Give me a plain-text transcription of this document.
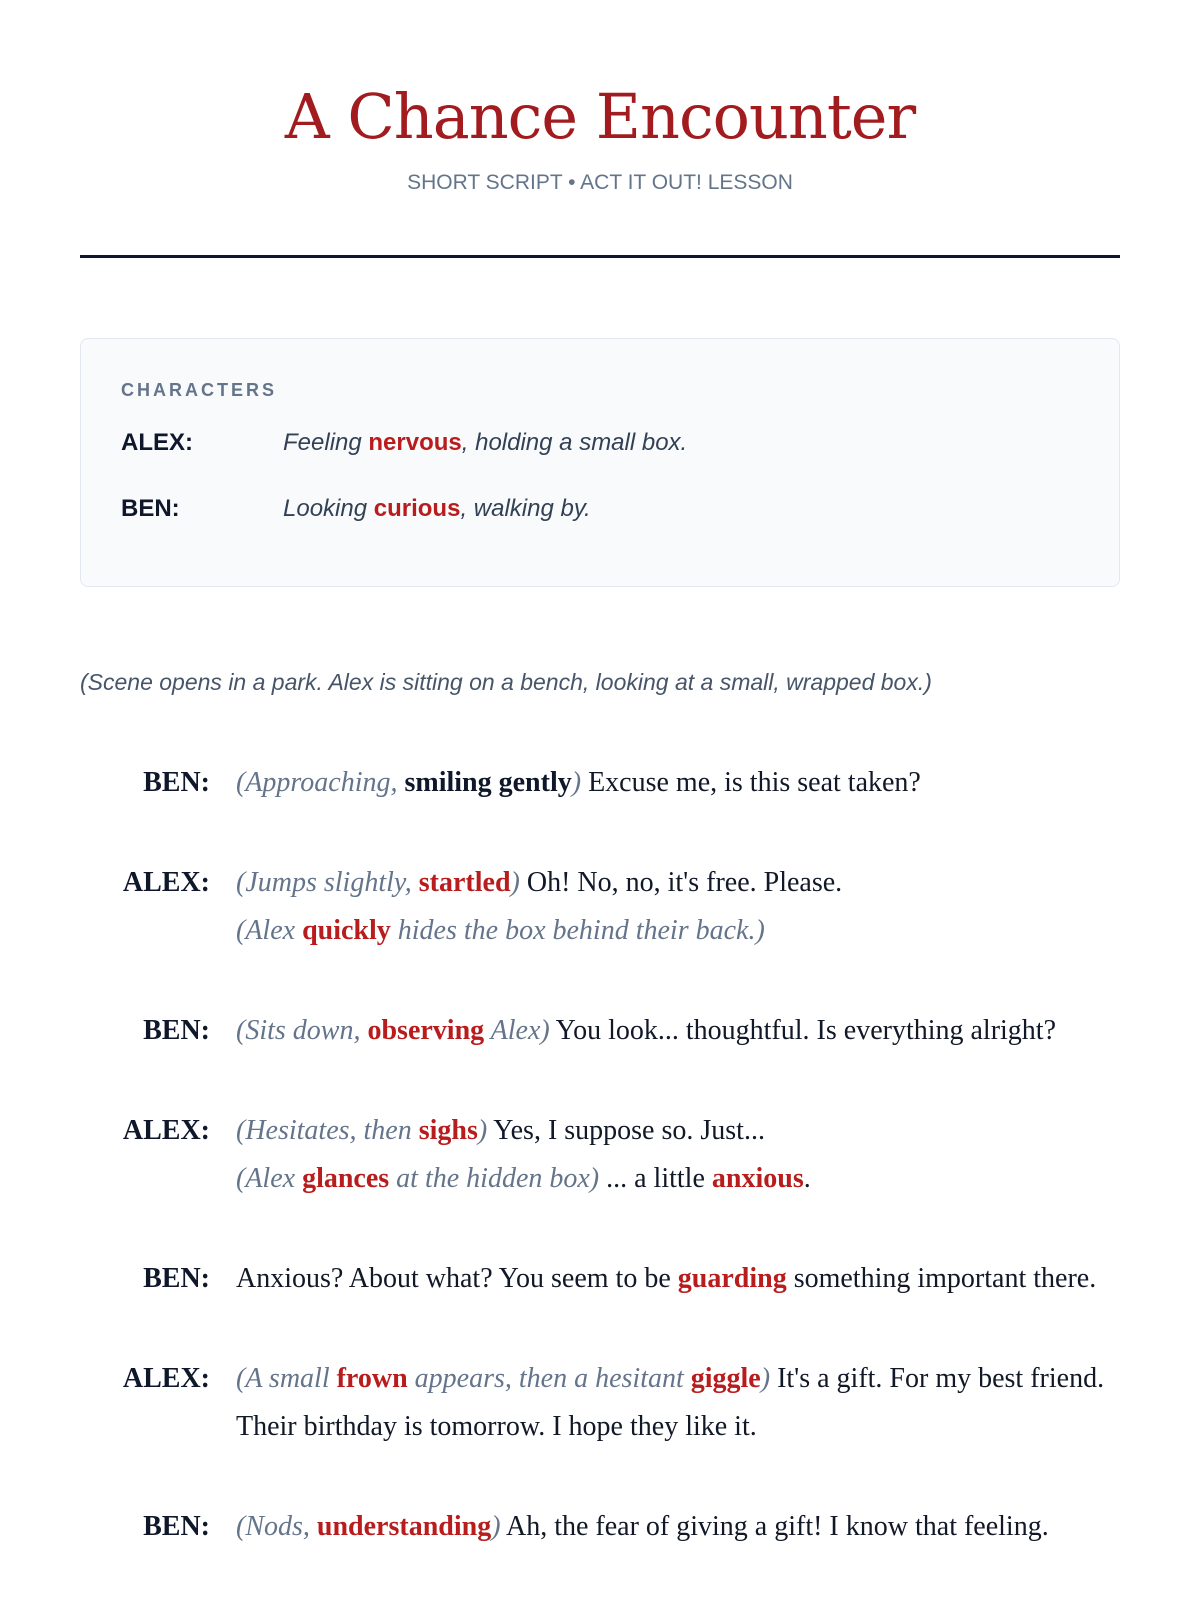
A Chance Encounter
SHORT SCRIPT • ACT IT OUT! LESSON
CHARACTERS
ALEX:	Feeling nervous, holding a small box.
BEN:	Looking curious, walking by.
(Scene opens in a park. Alex is sitting on a bench, looking at a small, wrapped box.)
BEN: (Approaching, smiling gently) Excuse me, is this seat taken?
ALEX: (Jumps slightly, startled) Oh! No, no, it's free. Please.
(Alex quickly hides the box behind their back.)
BEN: (Sits down, observing Alex) You look... thoughtful. Is everything alright?
ALEX: (Hesitates, then sighs) Yes, I suppose so. Just...
(Alex glances at the hidden box) ... a little anxious.
BEN: Anxious? About what? You seem to be guarding something important there.
ALEX: (A small frown appears, then a hesitant giggle) It's a gift. For my best friend. Their birthday is tomorrow. I hope they like it.
BEN: (Nods, understanding) Ah, the fear of giving a gift! I know that feeling.
